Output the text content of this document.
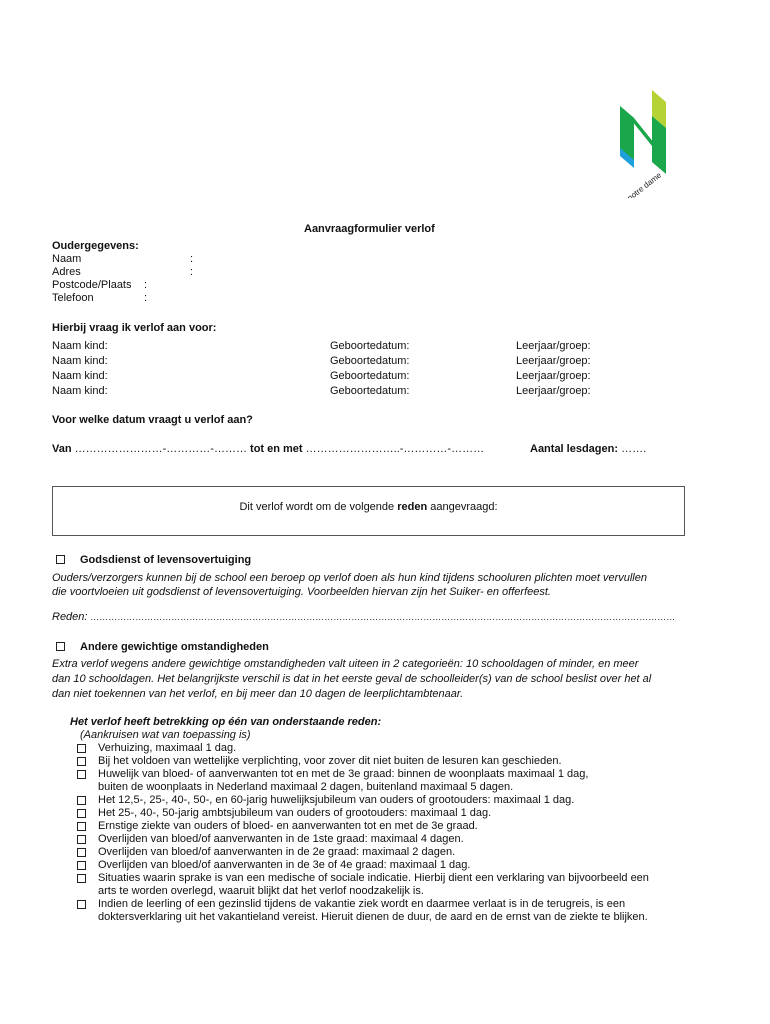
notre dame
Aanvraagformulier verlof
Oudergegevens:
Naam	:
Adres	:
Postcode/Plaats :
Telefoon	:
Hierbij vraag ik verlof aan voor:
Naam kind:	Geboortedatum:	Leerjaar/groep:
Naam kind:	Geboortedatum:	Leerjaar/groep:
Naam kind:	Geboortedatum:	Leerjaar/groep:
Naam kind:	Geboortedatum:	Leerjaar/groep:
Voor welke datum vraagt u verlof aan?
Van ……………………-…………-……… tot en met ……………………..-…………-………	Aantal lesdagen: …….
Dit verlof wordt om de volgende reden aangevraagd:
Godsdienst of levensovertuiging
Ouders/verzorgers kunnen bij de school een beroep op verlof doen als hun kind tijdens schooluren plichten moet vervullen
die voortvloeien uit godsdienst of levensovertuiging. Voorbeelden hiervan zijn het Suiker- en offerfeest.
Reden: ……………………………………………………………………………………………………………………………………………………………………………
Andere gewichtige omstandigheden
Extra verlof wegens andere gewichtige omstandigheden valt uiteen in 2 categorieën: 10 schooldagen of minder, en meer
dan 10 schooldagen. Het belangrijkste verschil is dat in het eerste geval de schoolleider(s) van de school beslist over het al
dan niet toekennen van het verlof, en bij meer dan 10 dagen de leerplichtambtenaar.
Het verlof heeft betrekking op één van onderstaande reden:
(Aankruisen wat van toepassing is)
Verhuizing, maximaal 1 dag.
Bij het voldoen van wettelijke verplichting, voor zover dit niet buiten de lesuren kan geschieden.
Huwelijk van bloed- of aanverwanten tot en met de 3e graad: binnen de woonplaats maximaal 1 dag,
buiten de woonplaats in Nederland maximaal 2 dagen, buitenland maximaal 5 dagen.
Het 12,5-, 25-, 40-, 50-, en 60-jarig huwelijksjubileum van ouders of grootouders: maximaal 1 dag.
Het 25-, 40-, 50-jarig ambtsjubileum van ouders of grootouders: maximaal 1 dag.
Ernstige ziekte van ouders of bloed- en aanverwanten tot en met de 3e graad.
Overlijden van bloed/of aanverwanten in de 1ste graad: maximaal 4 dagen.
Overlijden van bloed/of aanverwanten in de 2e graad: maximaal 2 dagen.
Overlijden van bloed/of aanverwanten in de 3e of 4e graad: maximaal 1 dag.
Situaties waarin sprake is van een medische of sociale indicatie. Hierbij dient een verklaring van bijvoorbeeld een
arts te worden overlegd, waaruit blijkt dat het verlof noodzakelijk is.
Indien de leerling of een gezinslid tijdens de vakantie ziek wordt en daarmee verlaat is in de terugreis, is een
doktersverklaring uit het vakantieland vereist. Hieruit dienen de duur, de aard en de ernst van de ziekte te blijken.
